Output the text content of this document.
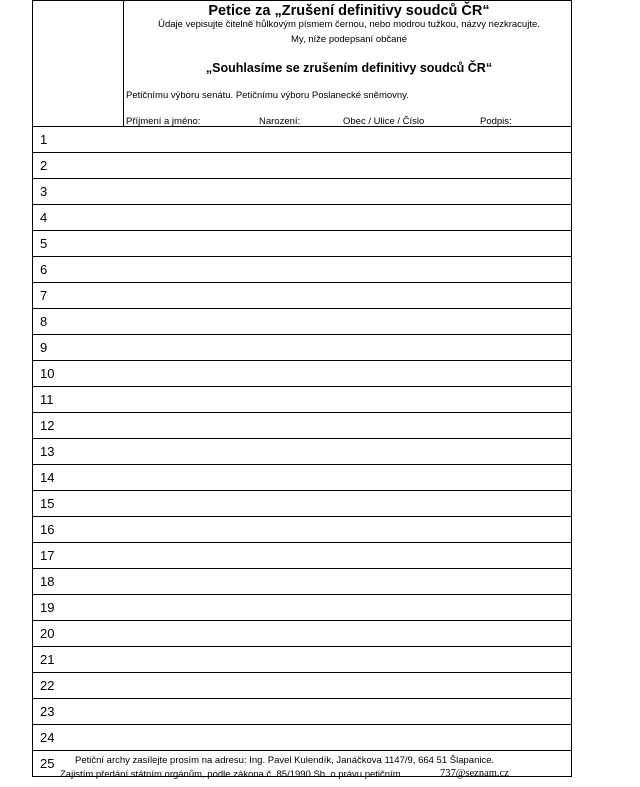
Petice za „Zrušení definitivy soudců ČR“
Údaje vepisujte čitelně hůlkovým písmem černou, nebo modrou tužkou, názvy nezkracujte.
My, níže podepsaní občané
„Souhlasíme se zrušením definitivy soudců ČR“
Petičnímu výboru senátu. Petičnímu výboru Poslanecké sněmovny.
Příjmení a jméno:	Narození:	Obec / Ulice / Číslo	Podpis:
1
2
3
4
5
6
7
8
9
10
11
12
13
14
15
16
17
18
19
20
21
22
23
24
25 Petiční archy zasílejte prosím na adresu: Ing. Pavel Kulendík, Janáčkova 1147/9, 664 51 Šlapanice.
Zajistím předání státním orgánům, podle zákona č. 85/1990 Sb. o právu petičním.	737@seznam.cz
